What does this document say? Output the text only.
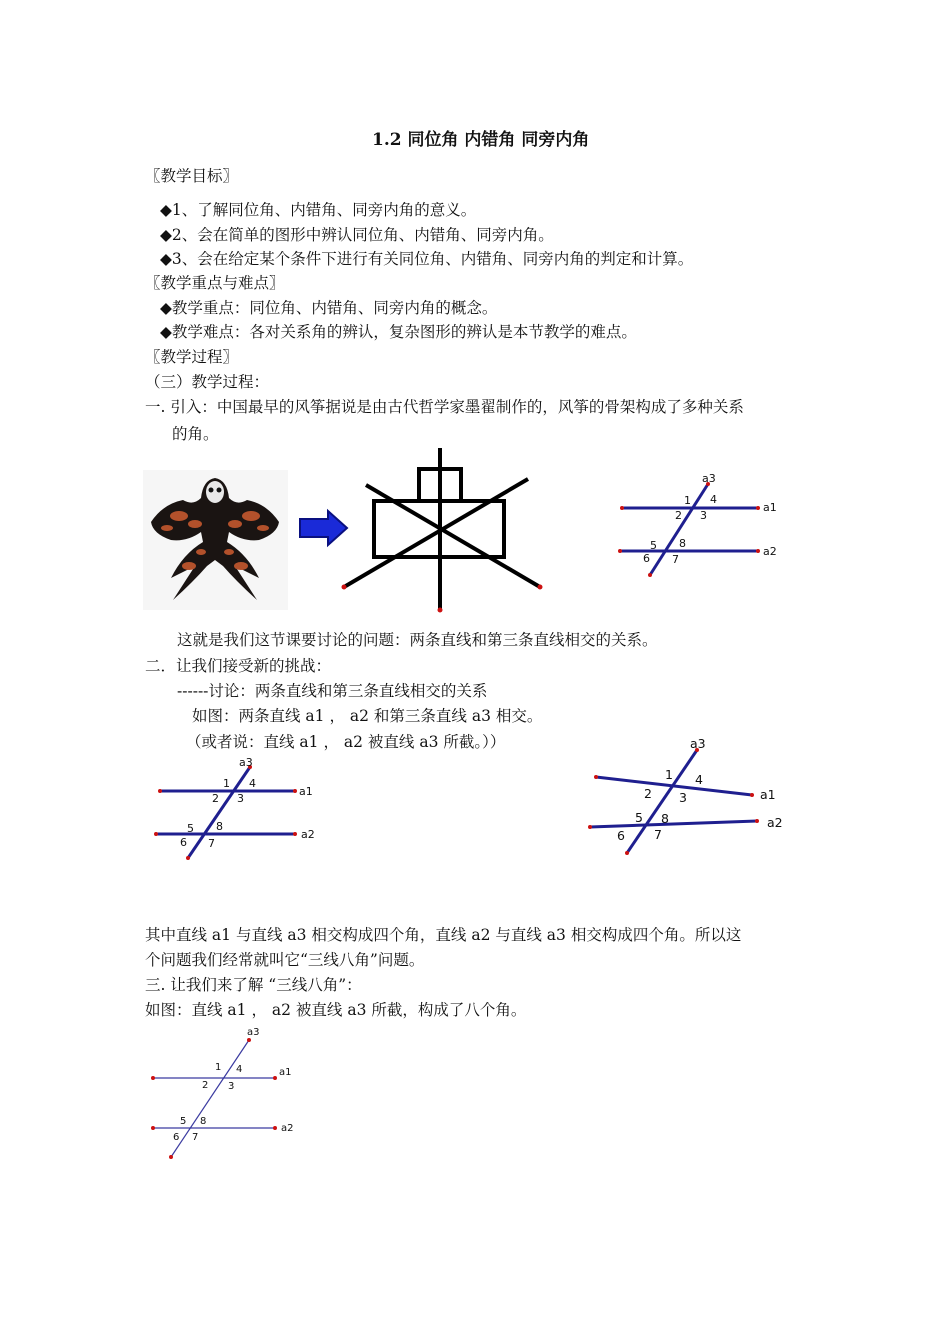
1.2 同位角 内错角 同旁内角
〖教学目标〗
◆1、了解同位角、内错角、同旁内角的意义。
◆2、会在简单的图形中辨认同位角、内错角、同旁内角。
◆3、会在给定某个条件下进行有关同位角、内错角、同旁内角的判定和计算。
〖教学重点与难点〗
◆教学重点：同位角、内错角、同旁内角的概念。
◆教学难点：各对关系角的辨认，复杂图形的辨认是本节教学的难点。
〖教学过程〗
（三）教学过程：
一. 引入：中国最早的风筝据说是由古代哲学家墨翟制作的，风筝的骨架构成了多种关系
的角。
a3
a1
a2
1 4
2 3
5 8
6 7
这就是我们这节课要讨论的问题：两条直线和第三条直线相交的关系。
二．让我们接受新的挑战：
------讨论：两条直线和第三条直线相交的关系
如图：两条直线 a1 ， a2 和第三条直线 a3 相交。
（或者说：直线 a1 ， a2 被直线 a3 所截。））
a3
a1
a2
1 4
2 3
5 8
6 7
a3
a1
a2
1 4
2 3
5 8
6 7
其中直线 a1 与直线 a3 相交构成四个角，直线 a2 与直线 a3 相交构成四个角。所以这
个问题我们经常就叫它“三线八角”问题。
三. 让我们来了解 “三线八角”：
如图：直线 a1 ， a2 被直线 a3 所截，构成了八个角。
a3
a1
a2
1 4
2 3
5 8
6 7
